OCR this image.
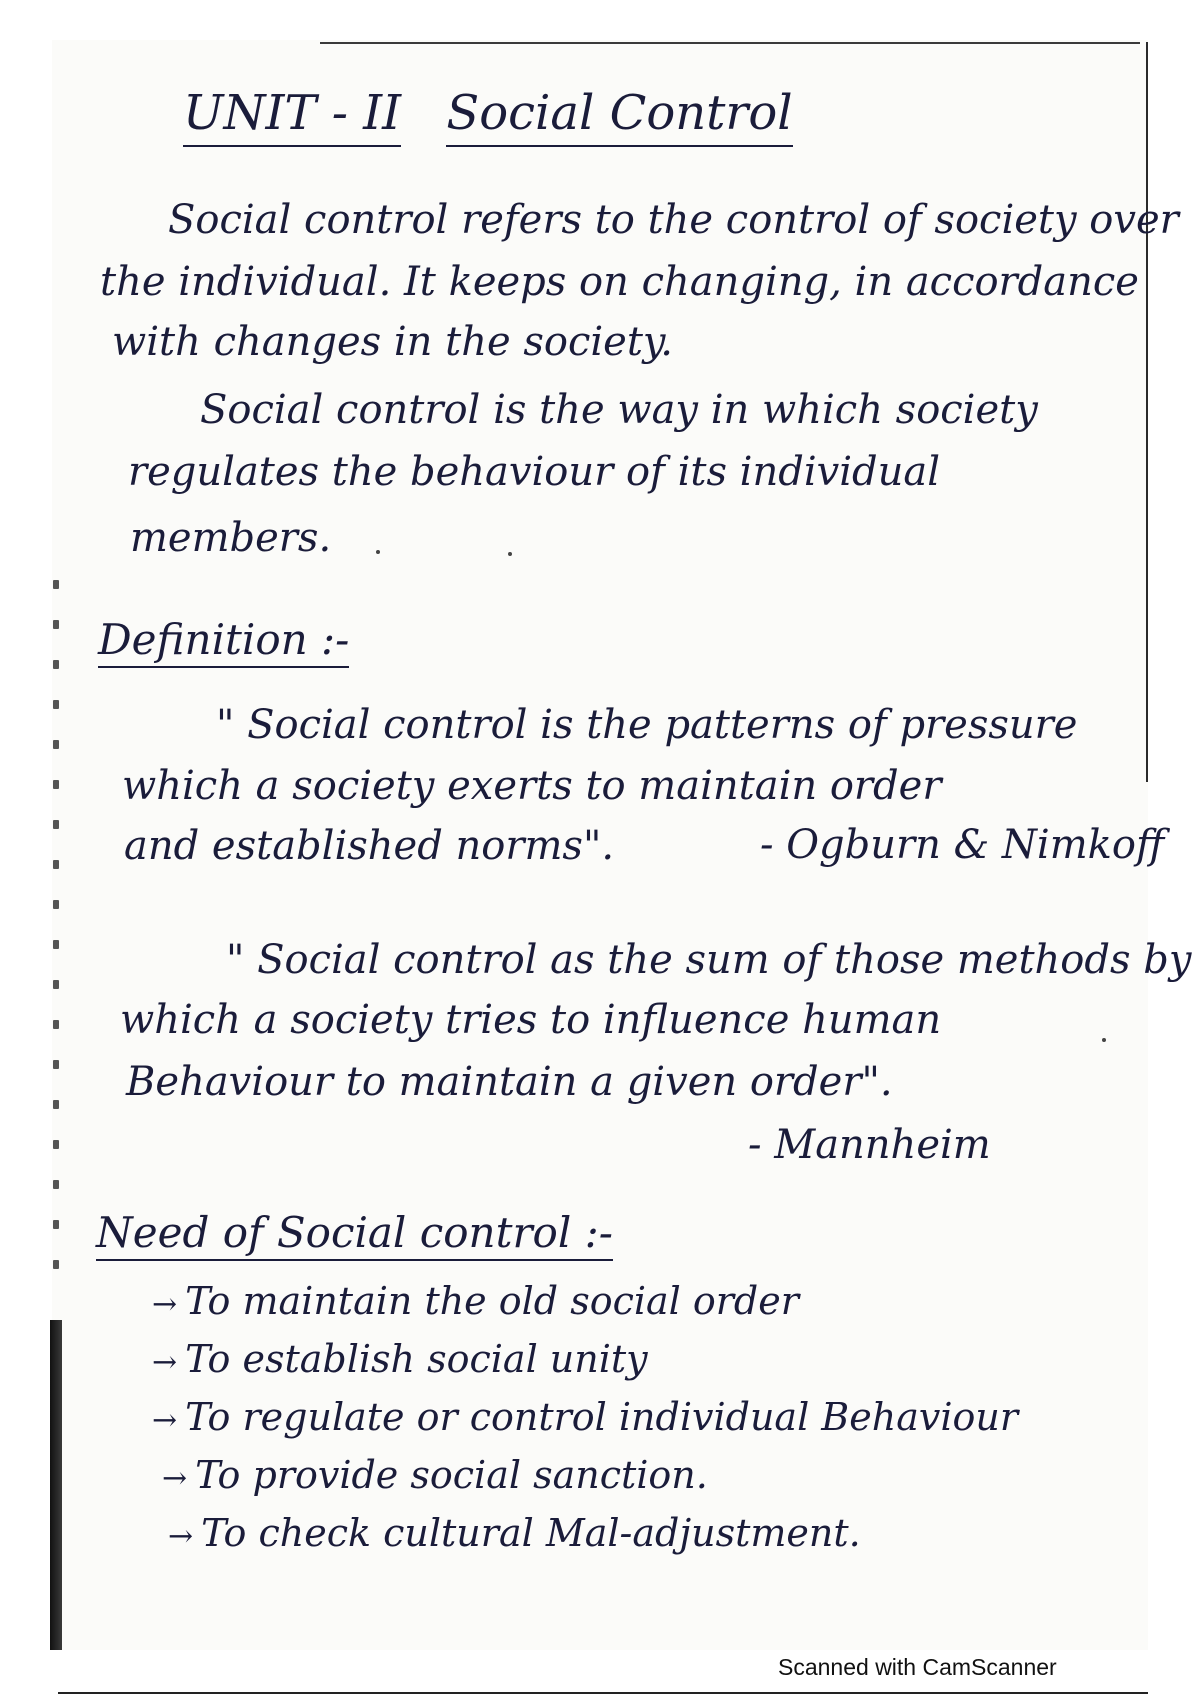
UNIT - II Social Control
Social control refers to the control of society over
the individual. It keeps on changing, in accordance
with changes in the society.
Social control is the way in which society
regulates the behaviour of its individual
members.
Definition :-
" Social control is the patterns of pressure
which a society exerts to maintain order
and established norms".	- Ogburn & Nimkoff
" Social control as the sum of those methods by
which a society tries to influence human
Behaviour to maintain a given order".
- Mannheim
Need of Social control :-
→ To maintain the old social order
→ To establish social unity
→ To regulate or control individual Behaviour
→ To provide social sanction.
→ To check cultural Mal-adjustment.
Scanned with CamScanner
